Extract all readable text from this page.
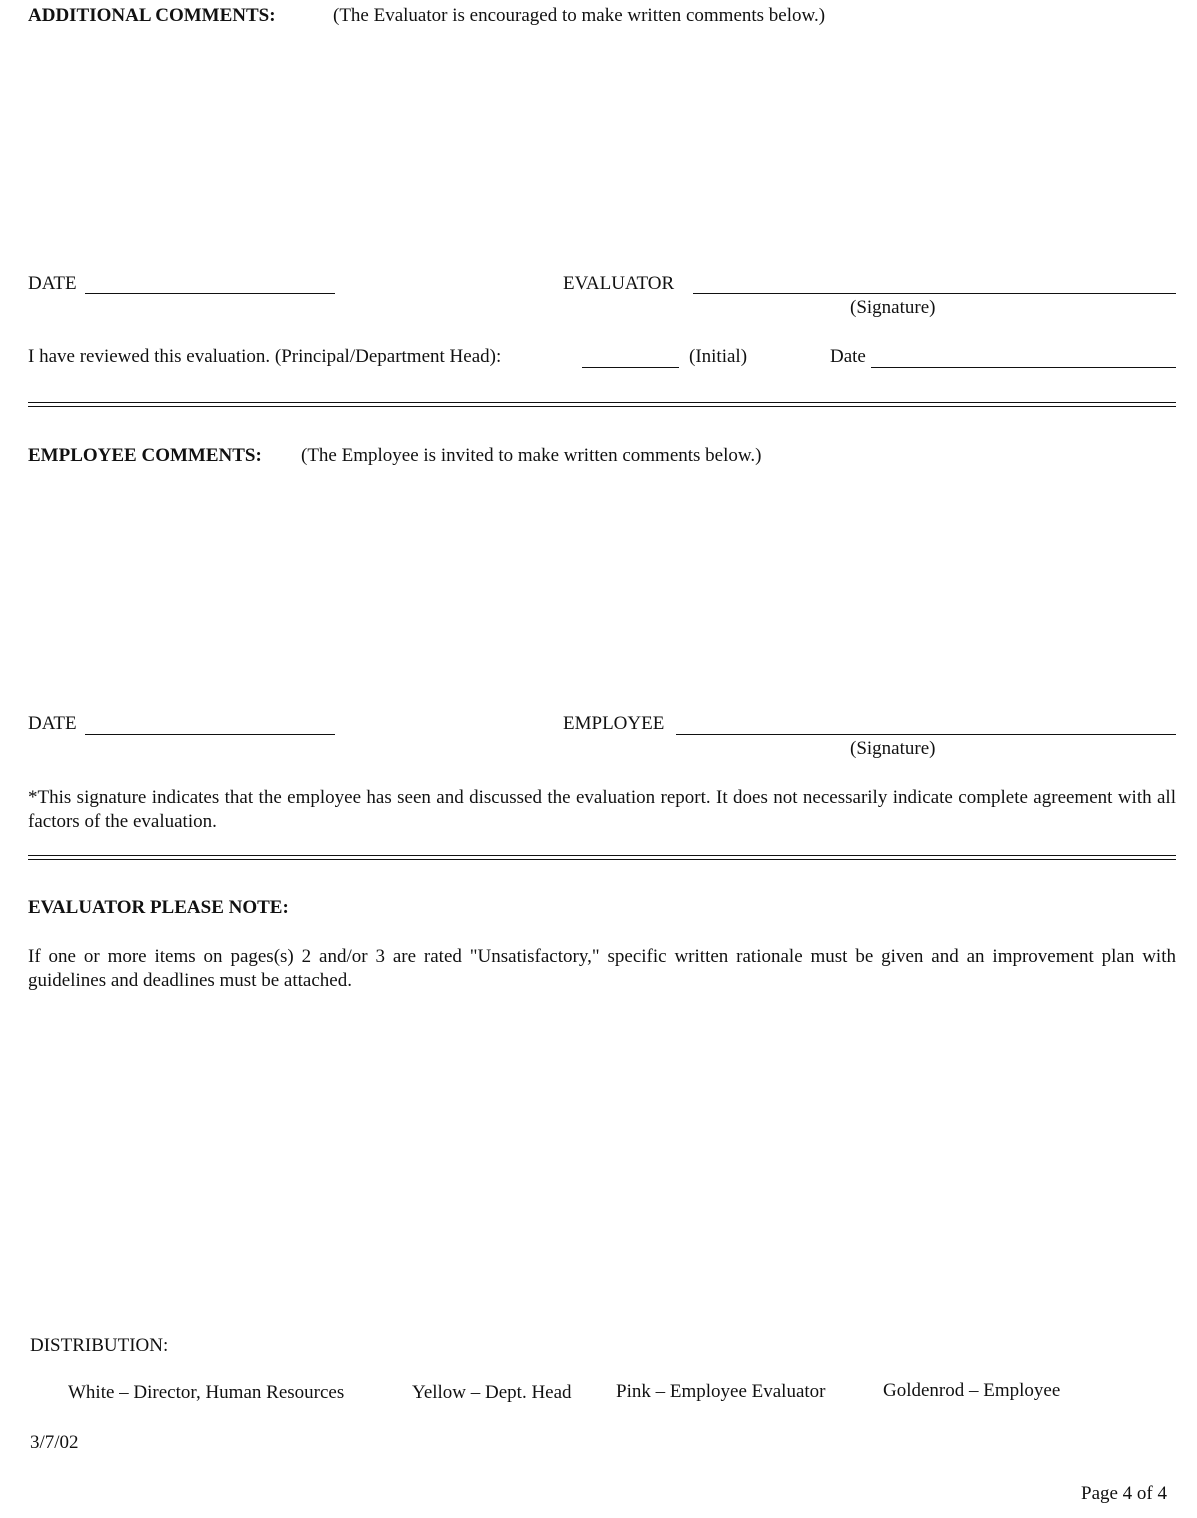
ADDITIONAL COMMENTS:	(The Evaluator is encouraged to make written comments below.)
DATE	EVALUATOR
(Signature)
I have reviewed this evaluation. (Principal/Department Head):	(Initial)	Date
EMPLOYEE COMMENTS: (The Employee is invited to make written comments below.)
DATE	EMPLOYEE
(Signature)
*This signature indicates that the employee has seen and discussed the evaluation report. It does not necessarily indicate complete agreement with all factors of the evaluation.
EVALUATOR PLEASE NOTE:
If one or more items on pages(s) 2 and/or 3 are rated "Unsatisfactory," specific written rationale must be given and an improvement plan with guidelines and deadlines must be attached.
DISTRIBUTION:
White – Director, Human Resources	Yellow – Dept. Head Pink – Employee Evaluator	Goldenrod – Employee
3/7/02
Page 4 of 4
